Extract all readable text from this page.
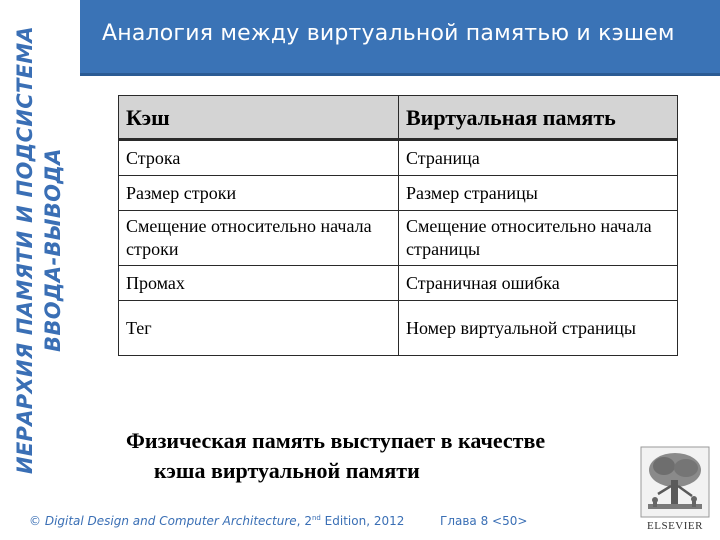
ИЕРАРХИЯ ПАМЯТИ И ПОДСИСТЕМА ВВОДА-ВЫВОДА
Аналогия между виртуальной памятью и кэшем
Кэш	Виртуальная память
Строка	Страница
Размер строки	Размер страницы
Смещение относительно начала строки	Смещение относительно начала страницы
Промах	Страничная ошибка
Тег	Номер виртуальной страницы
Физическая память выступает в качестве
кэша виртуальной памяти
© Digital Design and Computer Architecture, 2nd Edition, 2012	Глава 8 <50>	ELSEVIER
